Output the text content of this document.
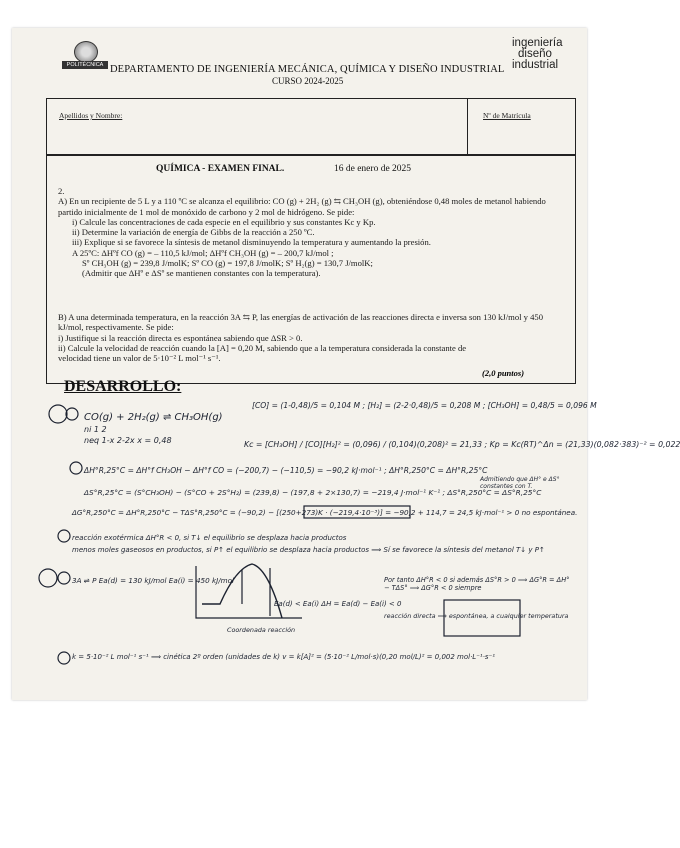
POLITÉCNICA DEPARTAMENTO DE INGENIERÍA MECÁNICA, QUÍMICA Y DISEÑO INDUSTRIAL
CURSO 2024-2025
ingeniería
diseño
industrial
Apellidos y Nombre:	Nº de Matrícula
QUÍMICA - EXAMEN FINAL.	16 de enero de 2025

2.

A) En un recipiente de 5 L y a 110 ºC se alcanza el equilibrio: CO (g) + 2H₂ (g) ⇆ CH₃OH (g), obteniéndose 0,48 moles de metanol habiendo partido inicialmente de 1 mol de monóxido de carbono y 2 mol de hidrógeno. Se pide:

i) Calcule las concentraciones de cada especie en el equilibrio y sus constantes Kc y Kp.

ii) Determine la variación de energía de Gibbs de la reacción a 250 ºC.

iii) Explique si se favorece la síntesis de metanol disminuyendo la temperatura y aumentando la presión.

A 25ºC: ΔHºf CO (g) = – 110,5 kJ/mol; ΔHºf CH₃OH (g) = – 200,7 kJ/mol ;

Sº CH₃OH (g) = 239,8 J/molK; Sº CO (g) = 197,8 J/molK; Sº H₂(g) = 130,7 J/molK;

(Admitir que ΔHº e ΔSº se mantienen constantes con la temperatura).

B) A una determinada temperatura, en la reacción 3A ⇆ P, las energías de activación de las reacciones directa e inversa son 130 kJ/mol y 450 kJ/mol, respectivamente. Se pide:

i) Justifique si la reacción directa es espontánea sabiendo que ΔSR > 0.

ii) Calcule la velocidad de reacción cuando la [A] = 0,20 M, sabiendo que a la temperatura considerada la constante de velocidad tiene un valor de 5·10⁻² L mol⁻¹ s⁻¹.

(2,0 puntos)
DESARROLLO:
CO(g) + 2H₂(g) ⇌ CH₃OH(g)
ni 1 2
neq 1-x 2-2x x = 0,48
[CO] = (1-0,48)/5 = 0,104 M ; [H₂] = (2-2·0,48)/5 = 0,208 M ; [CH₃OH] = 0,48/5 = 0,096 M
Kc = [CH₃OH] / [CO][H₂]² = (0,096) / (0,104)(0,208)² = 21,33 ; Kp = Kc(RT)^Δn = (21,33)(0,082·383)⁻² = 0,022
ΔH°R,25°C = ΔH°f CH₃OH − ΔH°f CO = (−200,7) − (−110,5) = −90,2 kJ·mol⁻¹ ; ΔH°R,250°C = ΔH°R,25°C
ΔS°R,25°C = (S°CH₃OH) − (S°CO + 2S°H₂) = (239,8) − (197,8 + 2×130,7) = −219,4 J·mol⁻¹ K⁻¹ ; ΔS°R,250°C = ΔS°R,25°C
Admitiendo que ΔH° e ΔS° constantes con T.
ΔG°R,250°C = ΔH°R,250°C − TΔS°R,250°C = (−90,2) − [(250+273)K · (−219,4·10⁻³)] = −90,2 + 114,7 = 24,5 kJ·mol⁻¹ > 0 no espontánea.
reacción exotérmica ΔH°R < 0, si T↓ el equilibrio se desplaza hacia productos
menos moles gaseosos en productos, si P↑ el equilibrio se desplaza hacia productos ⟹ Sí se favorece la síntesis del metanol T↓ y P↑
3A ⇌ P Ea(d) = 130 kJ/mol Ea(i) = 450 kJ/mol
Ea(d) < Ea(i) ΔH = Ea(d) − Ea(i) < 0
Por tanto ΔH°R < 0 si además ΔS°R > 0 ⟹ ΔG°R = ΔH° − TΔS° ⟹ ΔG°R < 0 siempre
reacción directa ⟹ espontánea, a cualquier temperatura
Coordenada reacción
k = 5·10⁻² L mol⁻¹ s⁻¹ ⟹ cinética 2º orden (unidades de k) v = k[A]² = (5·10⁻² L/mol·s)(0,20 mol/L)² = 0,002 mol·L⁻¹·s⁻¹
